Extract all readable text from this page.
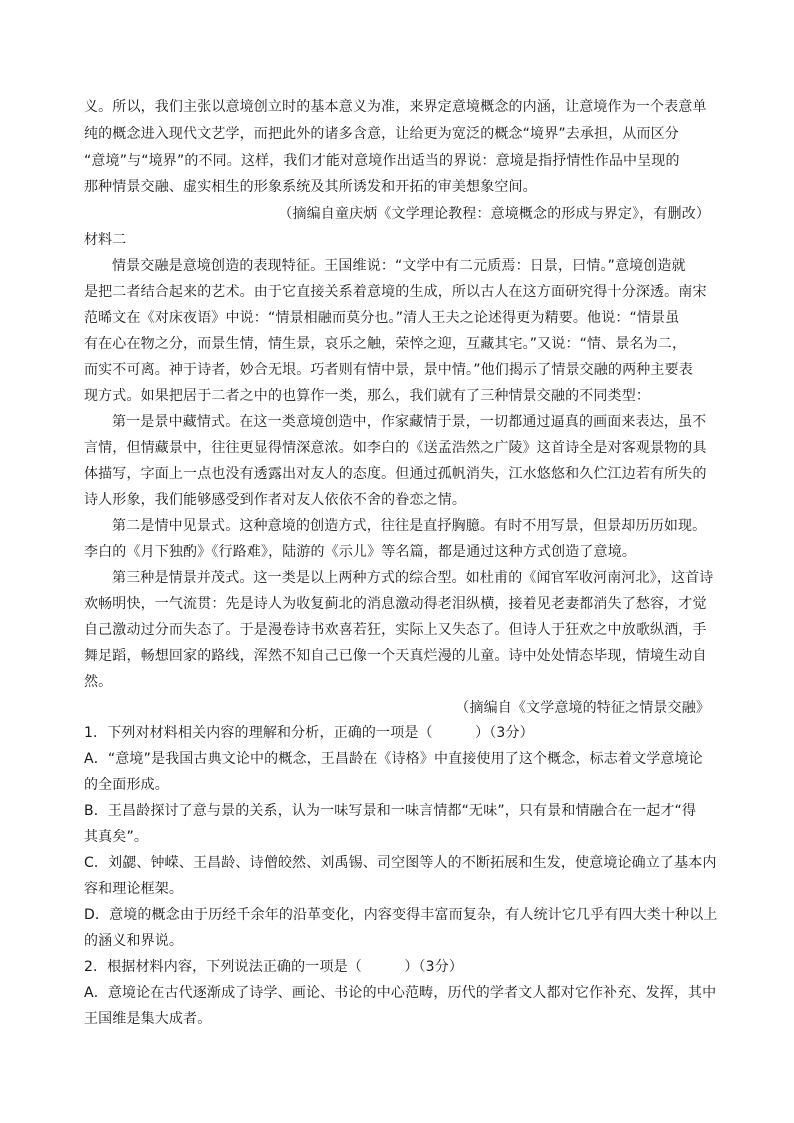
义。所以，我们主张以意境创立时的基本意义为准，来界定意境概念的内涵，让意境作为一个表意单
纯的概念进入现代文艺学，而把此外的诸多含意，让给更为宽泛的概念“境界”去承担，从而区分
“意境”与“境界”的不同。这样，我们才能对意境作出适当的界说：意境是指抒情性作品中呈现的
那种情景交融、虚实相生的形象系统及其所诱发和开拓的审美想象空间。
（摘编自童庆炳《文学理论教程：意境概念的形成与界定》，有删改）
材料二
情景交融是意境创造的表现特征。王国维说：“文学中有二元质焉：日景，曰情。”意境创造就
是把二者结合起来的艺术。由于它直接关系着意境的生成，所以古人在这方面研究得十分深透。南宋
范晞文在《对床夜语》中说：“情景相融而莫分也。”清人王夫之论述得更为精要。他说：“情景虽
有在心在物之分，而景生情，情生景，哀乐之触，荣悴之迎，互藏其宅。”又说：“情、景名为二，
而实不可离。神于诗者，妙合无垠。巧者则有情中景，景中情。”他们揭示了情景交融的两种主要表
现方式。如果把居于二者之中的也算作一类，那么，我们就有了三种情景交融的不同类型：
第一是景中藏情式。在这一类意境创造中，作家藏情于景，一切都通过逼真的画面来表达，虽不
言情，但情藏景中，往往更显得情深意浓。如李白的《送孟浩然之广陵》这首诗全是对客观景物的具
体描写，字面上一点也没有透露出对友人的态度。但通过孤帆消失，江水悠悠和久伫江边若有所失的
诗人形象，我们能够感受到作者对友人依依不舍的眷恋之情。
第二是情中见景式。这种意境的创造方式，往往是直抒胸臆。有时不用写景，但景却历历如现。
李白的《月下独酌》《行路难》，陆游的《示儿》等名篇，都是通过这种方式创造了意境。
第三种是情景并茂式。这一类是以上两种方式的综合型。如杜甫的《闻官军收河南河北》，这首诗
欢畅明快，一气流贯：先是诗人为收复蓟北的消息激动得老泪纵横，接着见老妻都消失了愁容，才觉
自己激动过分而失态了。于是漫卷诗书欢喜若狂，实际上又失态了。但诗人于狂欢之中放歌纵酒，手
舞足蹈，畅想回家的路线，浑然不知自己已像一个天真烂漫的儿童。诗中处处情态毕现，情境生动自
然。
（摘编自《文学意境的特征之情景交融》
1．下列对材料相关内容的理解和分析，正确的一项是（　　　）（3分）
A．“意境”是我国古典文论中的概念，王昌龄在《诗格》中直接使用了这个概念，标志着文学意境论
的全面形成。
B．王昌龄探讨了意与景的关系，认为一味写景和一味言情都“无味”，只有景和情融合在一起才“得
其真矣”。
C．刘勰、钟嵘、王昌龄、诗僧皎然、刘禹锡、司空图等人的不断拓展和生发，使意境论确立了基本内
容和理论框架。
D．意境的概念由于历经千余年的沿革变化，内容变得丰富而复杂，有人统计它几乎有四大类十种以上
的涵义和界说。
2．根据材料内容，下列说法正确的一项是（　　　）（3分）
A．意境论在古代逐渐成了诗学、画论、书论的中心范畴，历代的学者文人都对它作补充、发挥，其中
王国维是集大成者。
